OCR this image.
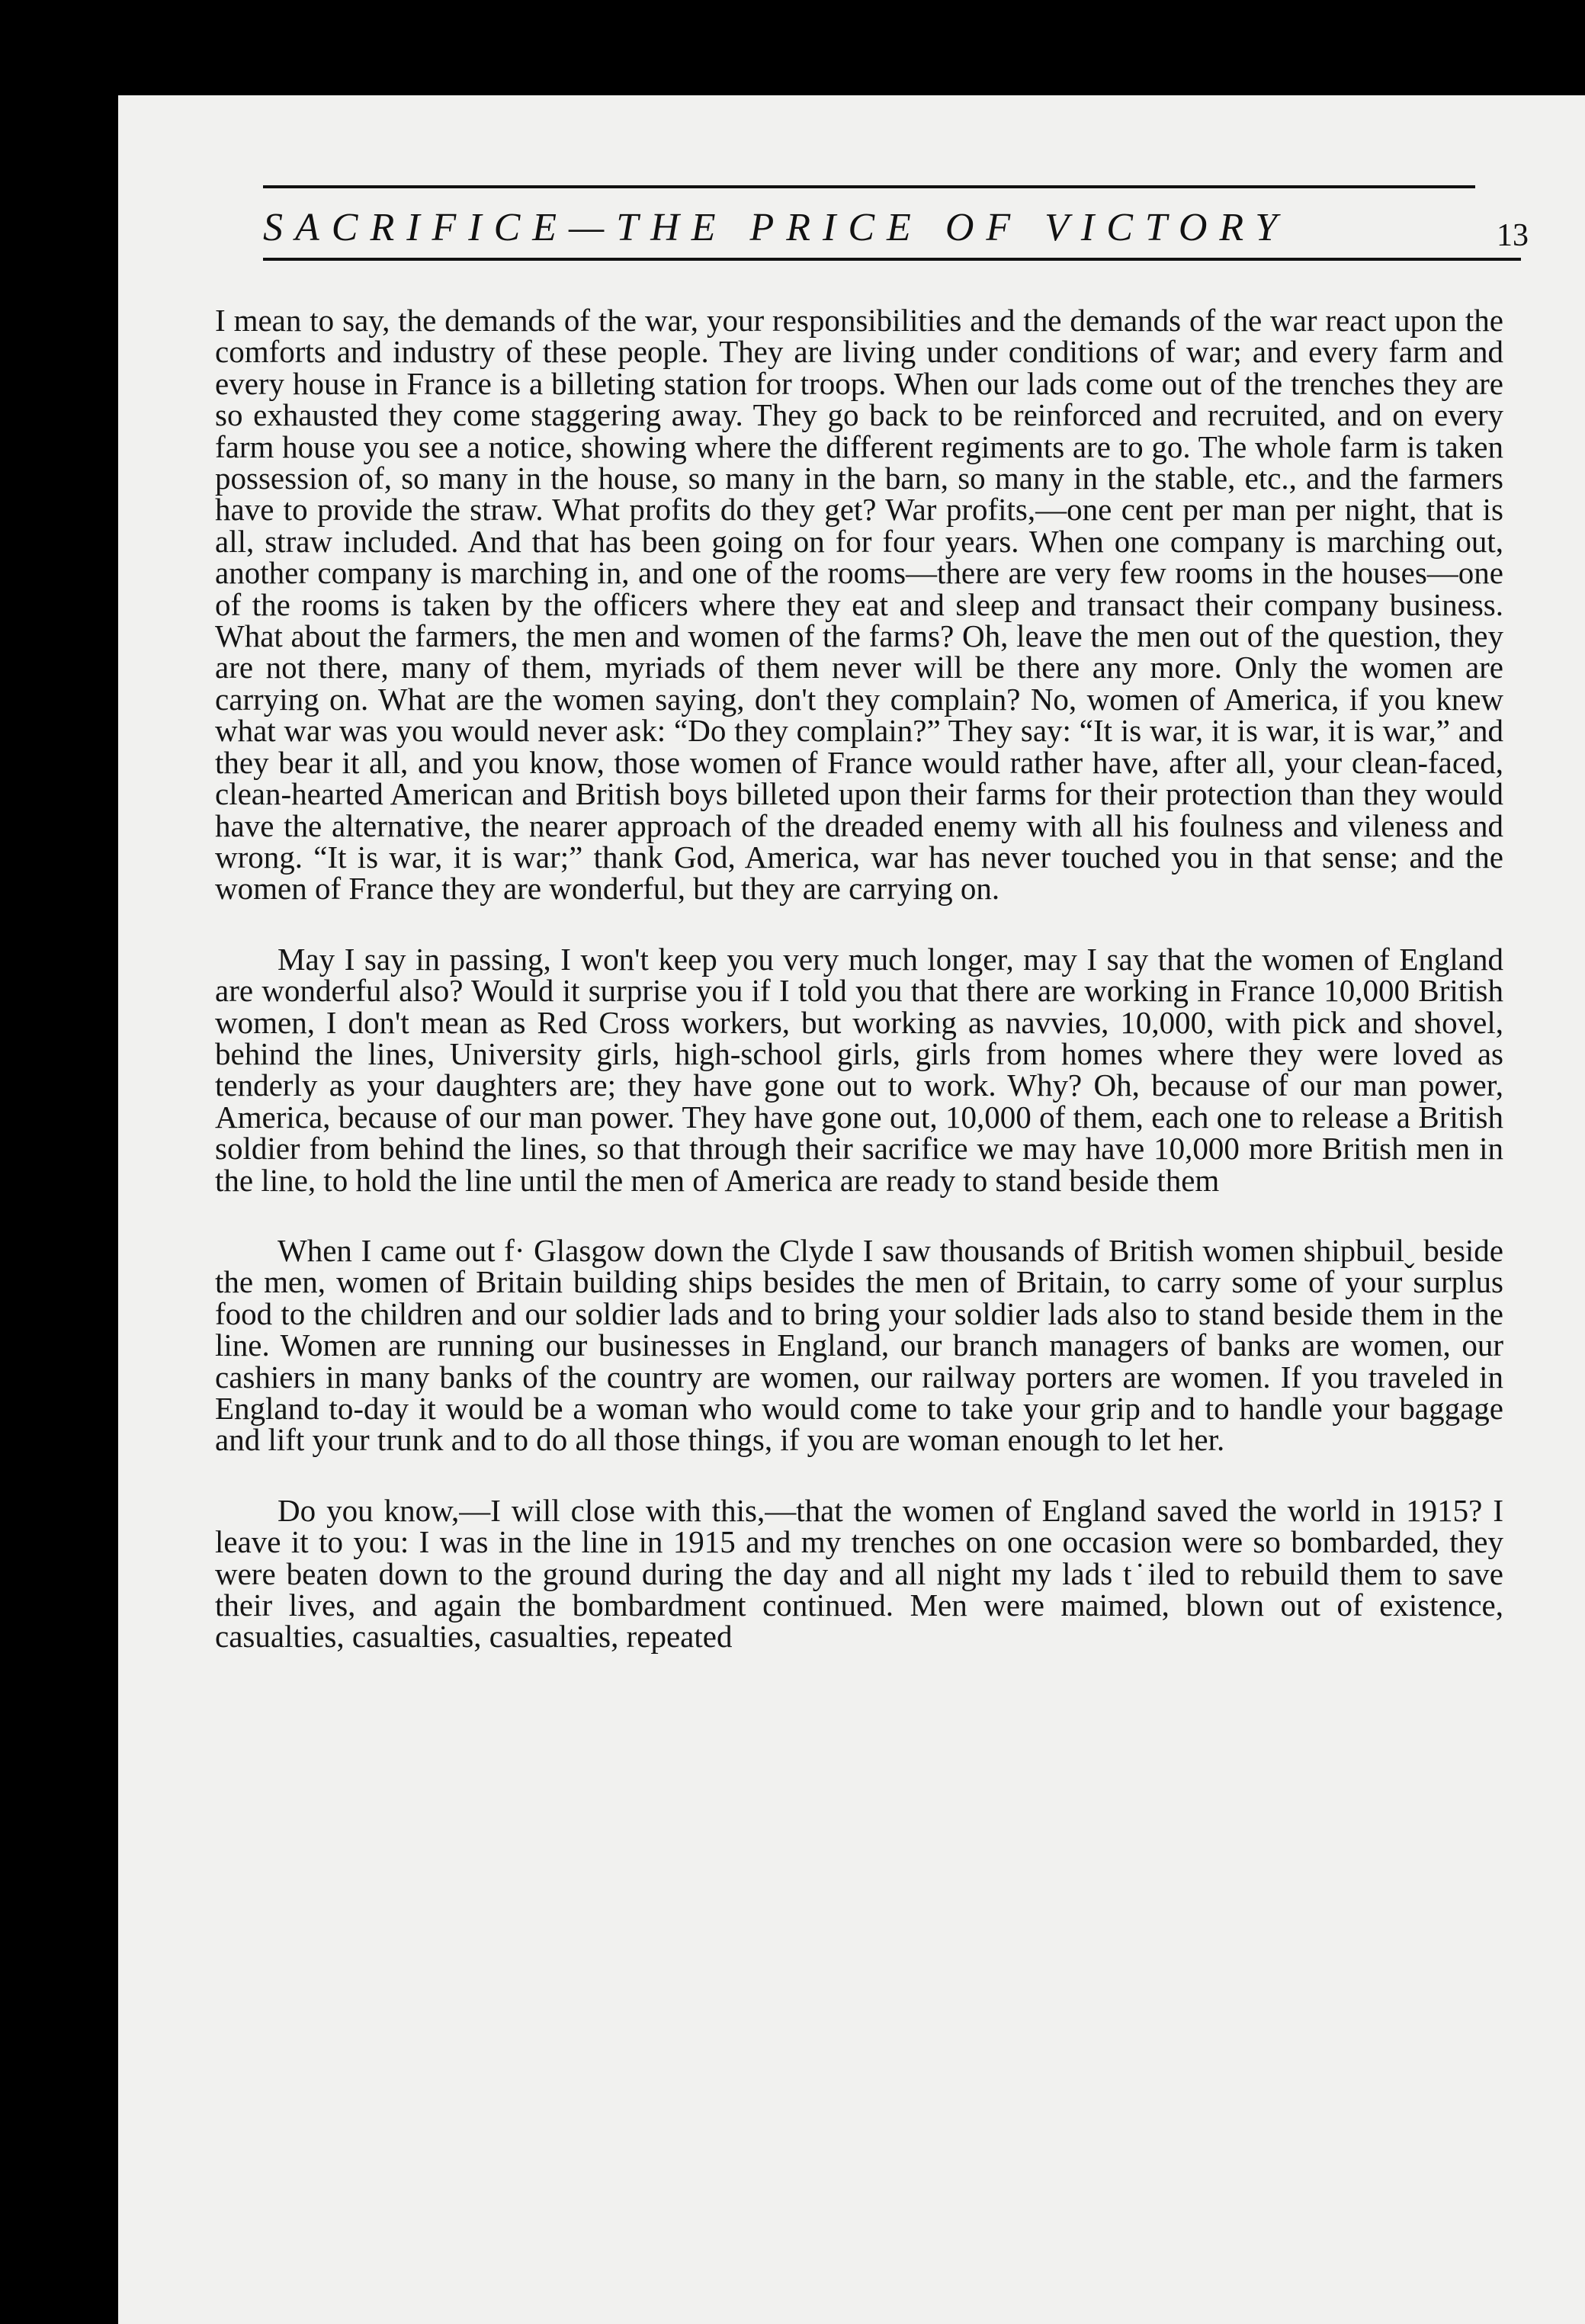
SACRIFICE—THE PRICE OF VICTORY	13

I mean to say, the demands of the war, your responsibilities and the demands of the war react upon the comforts and industry of these people. They are living under conditions of war; and every farm and every house in France is a billeting station for troops. When our lads come out of the trenches they are so exhausted they come staggering away. They go back to be reinforced and recruited, and on every farm house you see a notice, showing where the different regiments are to go. The whole farm is taken possession of, so many in the house, so many in the barn, so many in the stable, etc., and the farmers have to provide the straw. What profits do they get? War profits,—one cent per man per night, that is all, straw included. And that has been going on for four years. When one company is marching out, another company is marching in, and one of the rooms—there are very few rooms in the houses—one of the rooms is taken by the officers where they eat and sleep and transact their company business. What about the farmers, the men and women of the farms? Oh, leave the men out of the question, they are not there, many of them, myriads of them never will be there any more. Only the women are carrying on. What are the women saying, don't they complain? No, women of America, if you knew what war was you would never ask: “Do they complain?” They say: “It is war, it is war, it is war,” and they bear it all, and you know, those women of France would rather have, after all, your clean-faced, clean-hearted American and British boys billeted upon their farms for their protection than they would have the alternative, the nearer approach of the dreaded enemy with all his foulness and vileness and wrong. “It is war, it is war;” thank God, America, war has never touched you in that sense; and the women of France they are wonderful, but they are carrying on.

May I say in passing, I won't keep you very much longer, may I say that the women of England are wonderful also? Would it surprise you if I told you that there are working in France 10,000 British women, I don't mean as Red Cross workers, but working as navvies, 10,000, with pick and shovel, behind the lines, University girls, high-school girls, girls from homes where they were loved as tenderly as your daughters are; they have gone out to work. Why? Oh, because of our man power, America, because of our man power. They have gone out, 10,000 of them, each one to release a British soldier from behind the lines, so that through their sacrifice we may have 10,000 more British men in the line, to hold the line until the men of America are ready to stand beside them

When I came out f· Glasgow down the Clyde I saw thousands of British women shipbuilˬ beside the men, women of Britain building ships besides the men of Britain, to carry some of your surplus food to the children and our soldier lads and to bring your soldier lads also to stand beside them in the line. Women are running our businesses in England, our branch managers of banks are women, our cashiers in many banks of the country are women, our railway porters are women. If you traveled in England to-day it would be a woman who would come to take your grip and to handle your baggage and lift your trunk and to do all those things, if you are woman enough to let her.

Do you know,—I will close with this,—that the women of England saved the world in 1915? I leave it to you: I was in the line in 1915 and my trenches on one occasion were so bombarded, they were beaten down to the ground during the day and all night my lads t˙iled to rebuild them to save their lives, and again the bombardment continued. Men were maimed, blown out of existence, casualties, casualties, casualties, repeated
